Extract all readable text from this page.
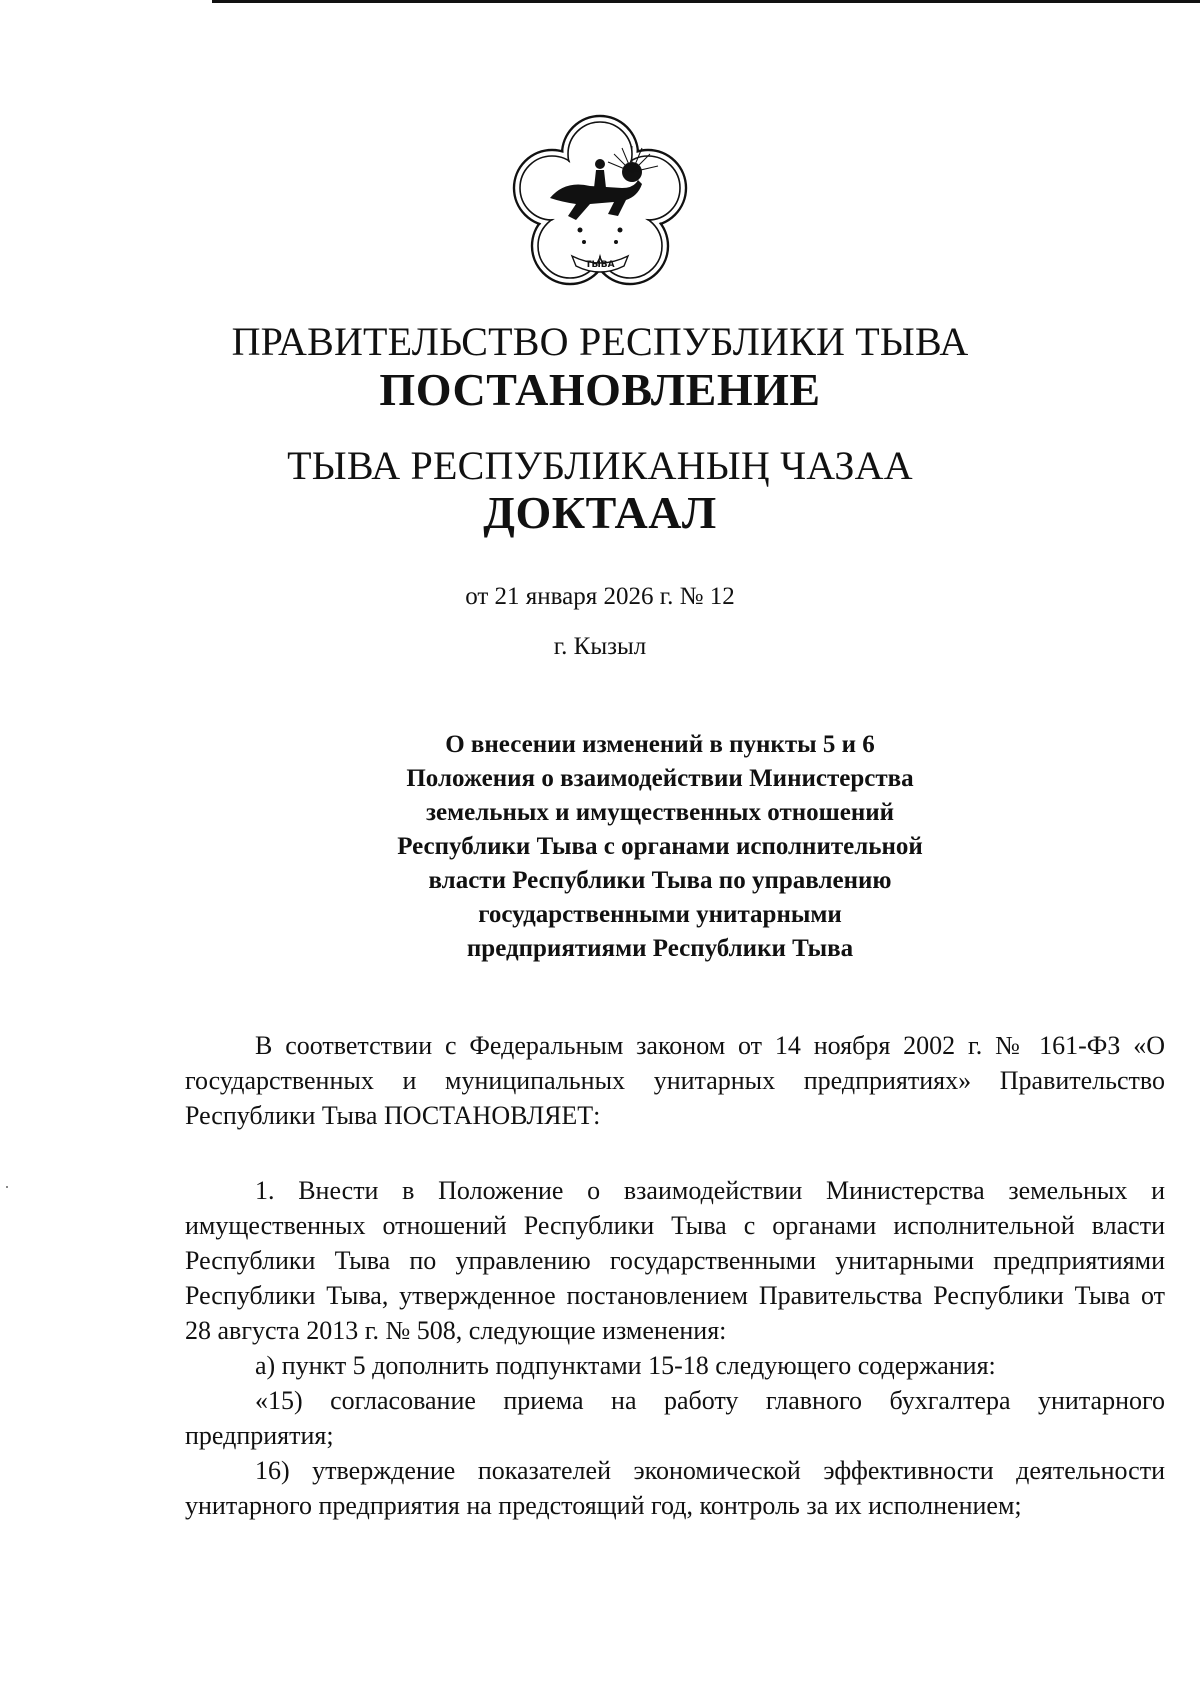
ТЫВА
ПРАВИТЕЛЬСТВО РЕСПУБЛИКИ ТЫВА
ПОСТАНОВЛЕНИЕ
ТЫВА РЕСПУБЛИКАНЫҢ ЧАЗАА
ДОКТААЛ
от 21 января 2026 г. № 12
г. Кызыл
О внесении изменений в пункты 5 и 6
Положения о взаимодействии Министерства
земельных и имущественных отношений
Республики Тыва с органами исполнительной
власти Республики Тыва по управлению
государственными унитарными
предприятиями Республики Тыва

В соответствии с Федеральным законом от 14 ноября 2002 г. № 161-ФЗ «О государственных и муниципальных унитарных предприятиях» Правительство Республики Тыва ПОСТАНОВЛЯЕТ:

1. Внести в Положение о взаимодействии Министерства земельных и имущественных отношений Республики Тыва с органами исполнительной власти Республики Тыва по управлению государственными унитарными предприятиями Республики Тыва, утвержденное постановлением Правительства Республики Тыва от 28 августа 2013 г. № 508, следующие изменения:

а) пункт 5 дополнить подпунктами 15-18 следующего содержания:

«15) согласование приема на работу главного бухгалтера унитарного предприятия;

16) утверждение показателей экономической эффективности деятельности унитарного предприятия на предстоящий год, контроль за их исполнением;
